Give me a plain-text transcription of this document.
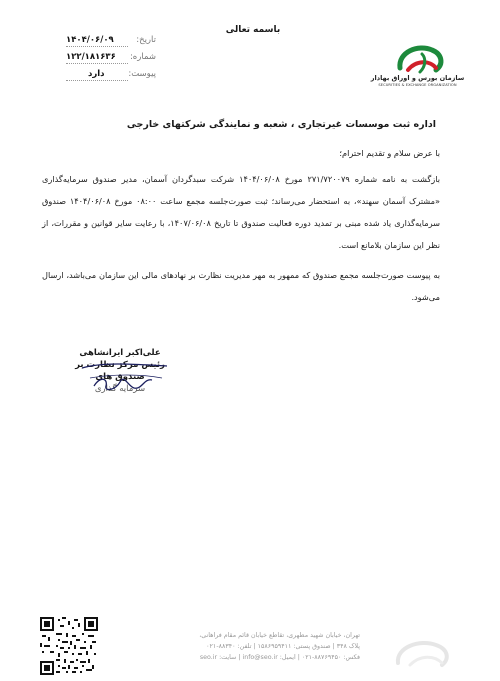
باسمه تعالی
تاریخ:
۱۴۰۴/۰۶/۰۹
شماره:
۱۲۲/۱۸۱۶۳۶
پیوست:
دارد	سازمان بورس و اوراق بهادار
SECURITIES & EXCHANGE ORGANIZATION
اداره ثبت موسسات غیرتجاری ، شعبه و نمایندگی شرکتهای خارجی
با عرض سلام و تقدیم احترام؛
بازگشت به نامه شماره ۲۷۱/۷۲۰۰۷۹ مورخ ۱۴۰۴/۰۶/۰۸ شرکت سبدگردان آسمان، مدیر صندوق سرمایه‌گذاری «مشترک آسمان سهند»، به استحضار می‌رساند؛ ثبت صورت‌جلسه مجمع ساعت ۰۸:۰۰ مورخ ۱۴۰۴/۰۶/۰۸ صندوق سرمایه‌گذاری یاد شده مبنی بر تمدید دوره فعالیت صندوق تا تاریخ ۱۴۰۷/۰۶/۰۸، با رعایت سایر قوانین و مقررات، از نظر این سازمان بلامانع است.
به پیوست صورت‌جلسه مجمع صندوق که ممهور به مهر مدیریت نظارت بر نهادهای مالی این سازمان می‌باشد، ارسال می‌شود.
علی‌اکبر ایرانشاهی
رئیس مرکز نظارت بر صندوق های
سرمایه گذاری
تهران، خیابان شهید مطهری، تقاطع خیابان قائم مقام فراهانی،
پلاک ۳۴۸ | صندوق پستی: ۱۵۸۶۹۵۹۴۱۱ | تلفن: ۸۸۳۴۰-۰۲۱
فکس: ۸۸۷۶۹۴۵۰-۰۲۱ | ایمیل: info@seo.ir | سایت: seo.ir
